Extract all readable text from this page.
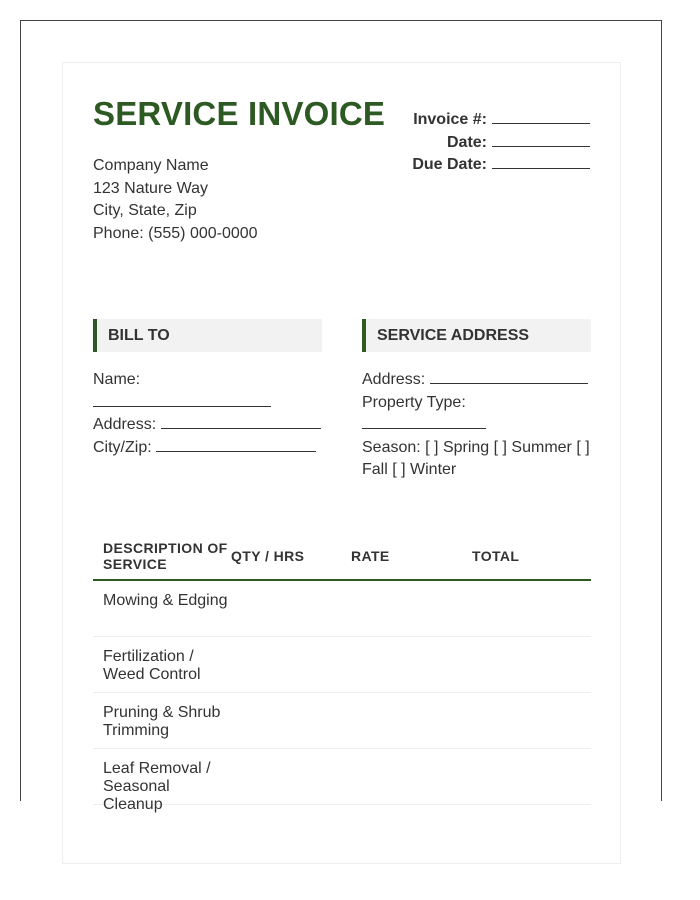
SERVICE INVOICE
Company Name
123 Nature Way
City, State, Zip
Phone: (555) 000-0000
Invoice #:
Date:
Due Date:
BILL TO
Name:
Address:
City/Zip:
SERVICE ADDRESS
Address:
Property Type:
Season: [ ] Spring [ ] Summer [ ] Fall [ ] Winter
DESCRIPTION OF SERVICE	QTY / HRS	RATE	TOTAL
Mowing & Edging
Fertilization / Weed Control
Pruning & Shrub Trimming
Leaf Removal / Seasonal Cleanup
